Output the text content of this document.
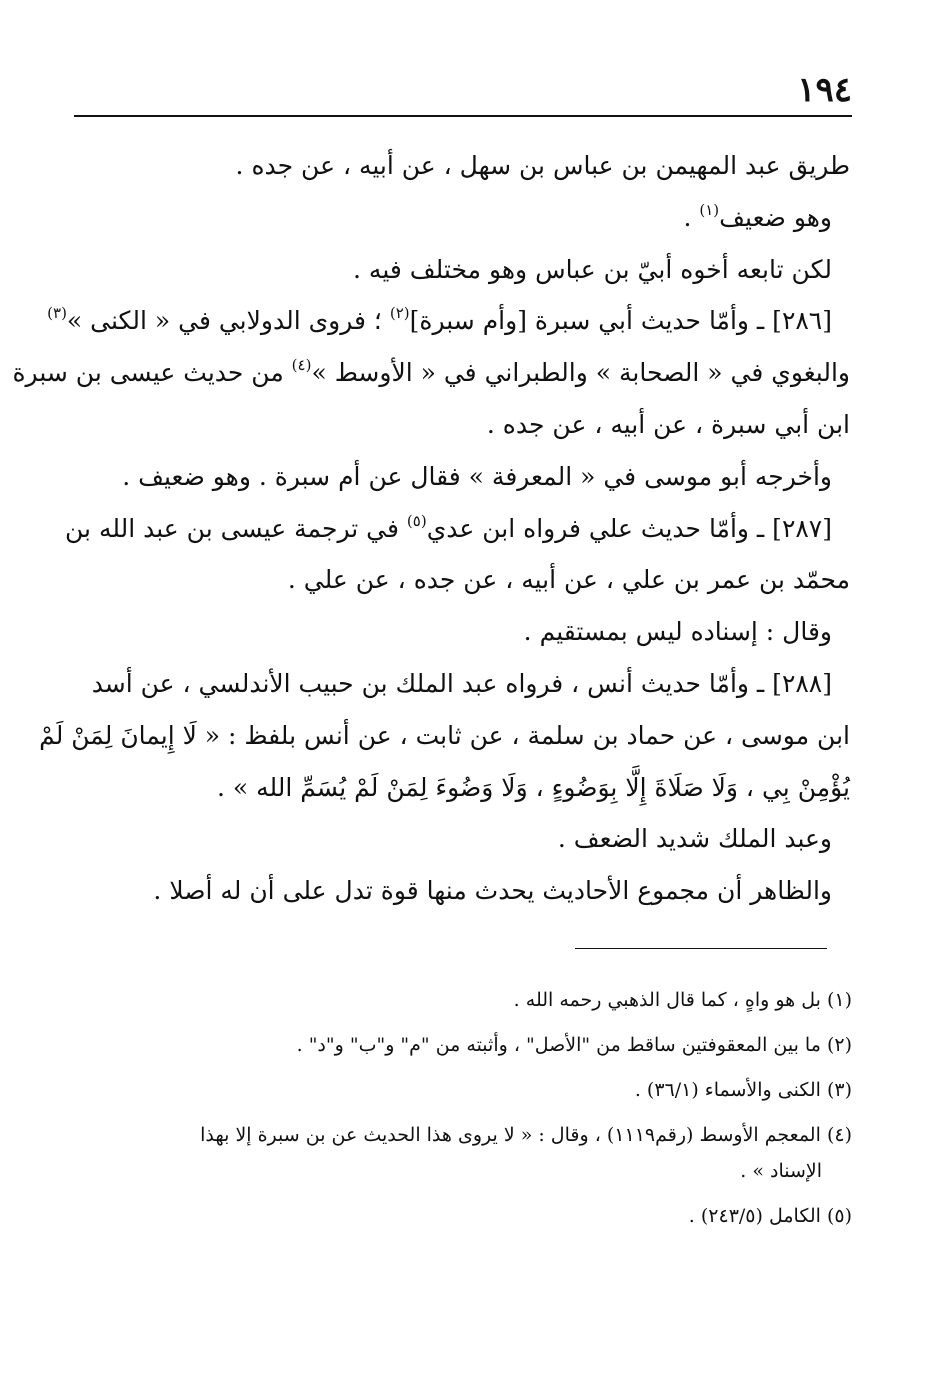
١٩٤
طريق عبد المهيمن بن عباس بن سهل ، عن أبيه ، عن جده .
وهو ضعيف$^{(١)}$ .
لكن تابعه أخوه أبيّ بن عباس وهو مختلف فيه .
[٢٨٦] ـ وأمّا حديث أبي سبرة [وأم سبرة]$^{(٢)}$ ؛ فروى الدولابي في « الكنى »$^{(٣)}$
والبغوي في « الصحابة » والطبراني في « الأوسط »$^{(٤)}$ من حديث عيسى بن سبرة
ابن أبي سبرة ، عن أبيه ، عن جده .
وأخرجه أبو موسى في « المعرفة » فقال عن أم سبرة . وهو ضعيف .
[٢٨٧] ـ وأمّا حديث علي فرواه ابن عدي$^{(٥)}$ في ترجمة عيسى بن عبد الله بن
محمّد بن عمر بن علي ، عن أبيه ، عن جده ، عن علي .
وقال : إسناده ليس بمستقيم .
[٢٨٨] ـ وأمّا حديث أنس ، فرواه عبد الملك بن حبيب الأندلسي ، عن أسد
ابن موسى ، عن حماد بن سلمة ، عن ثابت ، عن أنس بلفظ : « لَا إِيمانَ لِمَنْ لَمْ
يُؤْمِنْ بِي ، وَلَا صَلَاةَ إِلَّا بِوَضُوءٍ ، وَلَا وَضُوءَ لِمَنْ لَمْ يُسَمِّ الله » .
وعبد الملك شديد الضعف .
والظاهر أن مجموع الأحاديث يحدث منها قوة تدل على أن له أصلا .
(١) بل هو واهٍ ، كما قال الذهبي رحمه الله .
(٢) ما بين المعقوفتين ساقط من "الأصل" ، وأثبته من "م" و"ب" و"د" .
(٣) الكنى والأسماء (٣٦/١) .
(٤) المعجم الأوسط (رقم١١١٩) ، وقال : « لا يروى هذا الحديث عن بن سبرة إلا بهذا
الإسناد » .
(٥) الكامل (٢٤٣/٥) .
